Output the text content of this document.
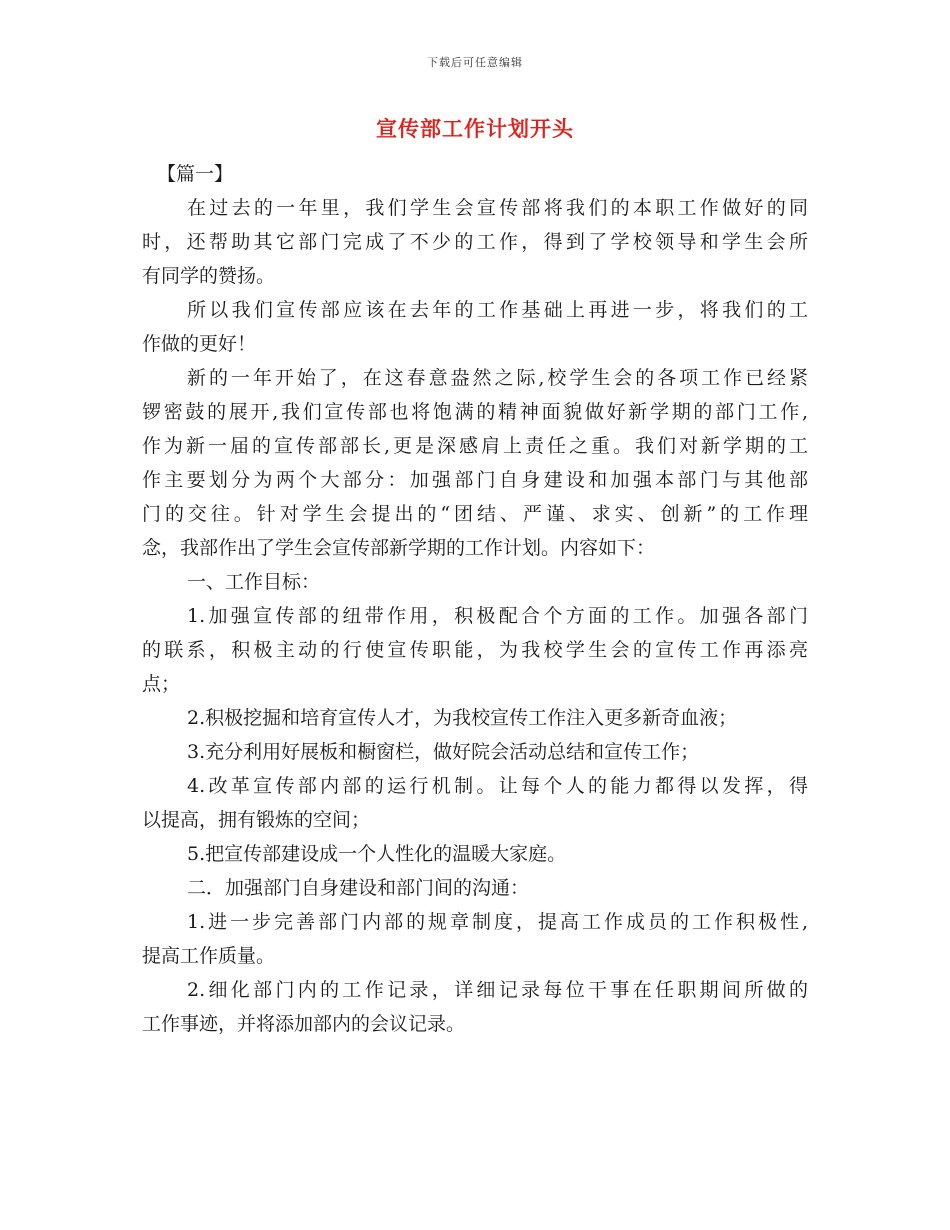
下载后可任意编辑
宣传部工作计划开头
【篇一】
在过去的一年里，我们学生会宣传部将我们的本职工作做好的同
时，还帮助其它部门完成了不少的工作，得到了学校领导和学生会所
有同学的赞扬。
所以我们宣传部应该在去年的工作基础上再进一步，将我们的工
作做的更好！
新的一年开始了，在这春意盎然之际,校学生会的各项工作已经紧
锣密鼓的展开,我们宣传部也将饱满的精神面貌做好新学期的部门工作,
作为新一届的宣传部部长,更是深感肩上责任之重。我们对新学期的工
作主要划分为两个大部分：加强部门自身建设和加强本部门与其他部
门的交往。针对学生会提出的“团结、严谨、求实、创新”的工作理
念，我部作出了学生会宣传部新学期的工作计划。内容如下：
一、工作目标：
1.加强宣传部的纽带作用，积极配合个方面的工作。加强各部门
的联系，积极主动的行使宣传职能，为我校学生会的宣传工作再添亮
点；
2.积极挖掘和培育宣传人才，为我校宣传工作注入更多新奇血液；
3.充分利用好展板和橱窗栏，做好院会活动总结和宣传工作；
4.改革宣传部内部的运行机制。让每个人的能力都得以发挥，得
以提高，拥有锻炼的空间；
5.把宣传部建设成一个人性化的温暖大家庭。
二．加强部门自身建设和部门间的沟通：
1.进一步完善部门内部的规章制度，提高工作成员的工作积极性,
提高工作质量。
2.细化部门内的工作记录，详细记录每位干事在任职期间所做的
工作事迹，并将添加部内的会议记录。
